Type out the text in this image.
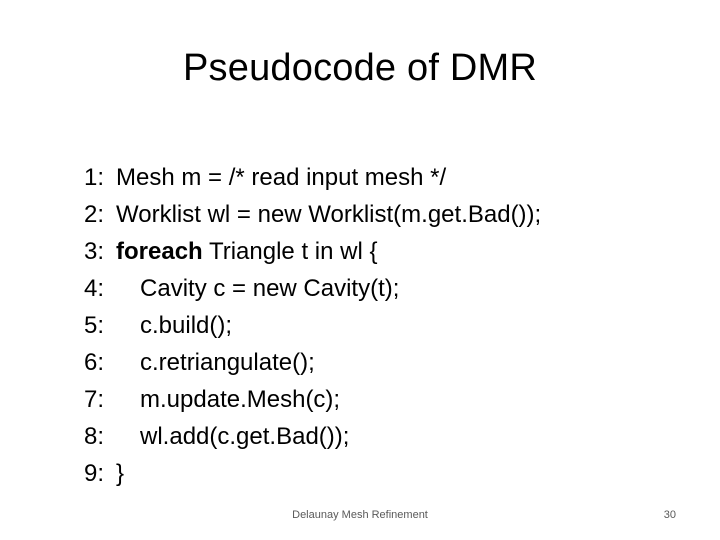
Pseudocode of DMR

1: Mesh m = /* read input mesh */

2: Worklist wl = new Worklist(m.get.Bad());

3: foreach Triangle t in wl {

4: Cavity c = new Cavity(t);

5: c.build();

6: c.retriangulate();

7: m.update.Mesh(c);

8: wl.add(c.get.Bad());

9: }

Delaunay Mesh Refinement	30
